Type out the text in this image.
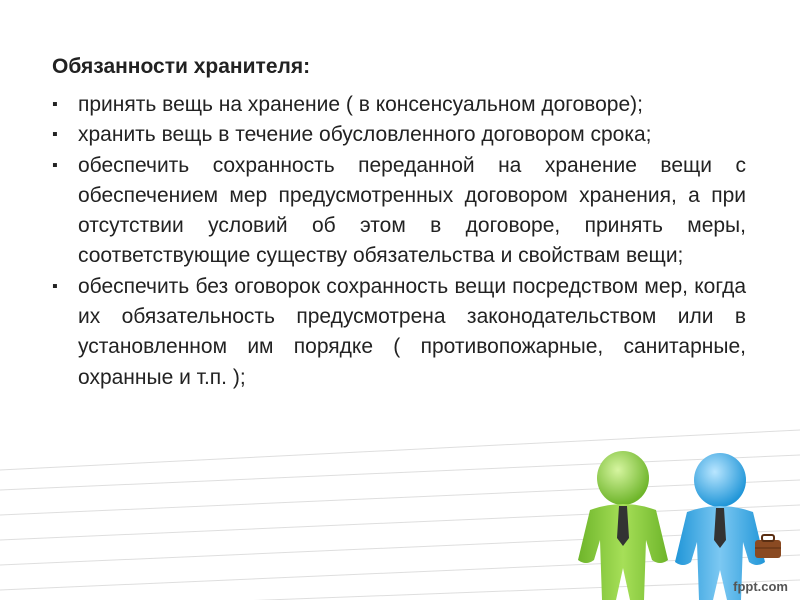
Обязанности хранителя:
▪ принять вещь на хранение ( в консенсуальном договоре);
▪ хранить вещь в течение обусловленного договором срока;
▪ обеспечить сохранность переданной на хранение вещи с обеспечением мер предусмотренных договором хранения, а при отсутствии условий об этом в договоре, принять меры, соответствующие существу обязательства и свойствам вещи;
▪ обеспечить без оговорок сохранность вещи посредством мер, когда их обязательность предусмотрена законодательством или в установленном им порядке ( противопожарные, санитарные, охранные и т.п. );
fppt.com
